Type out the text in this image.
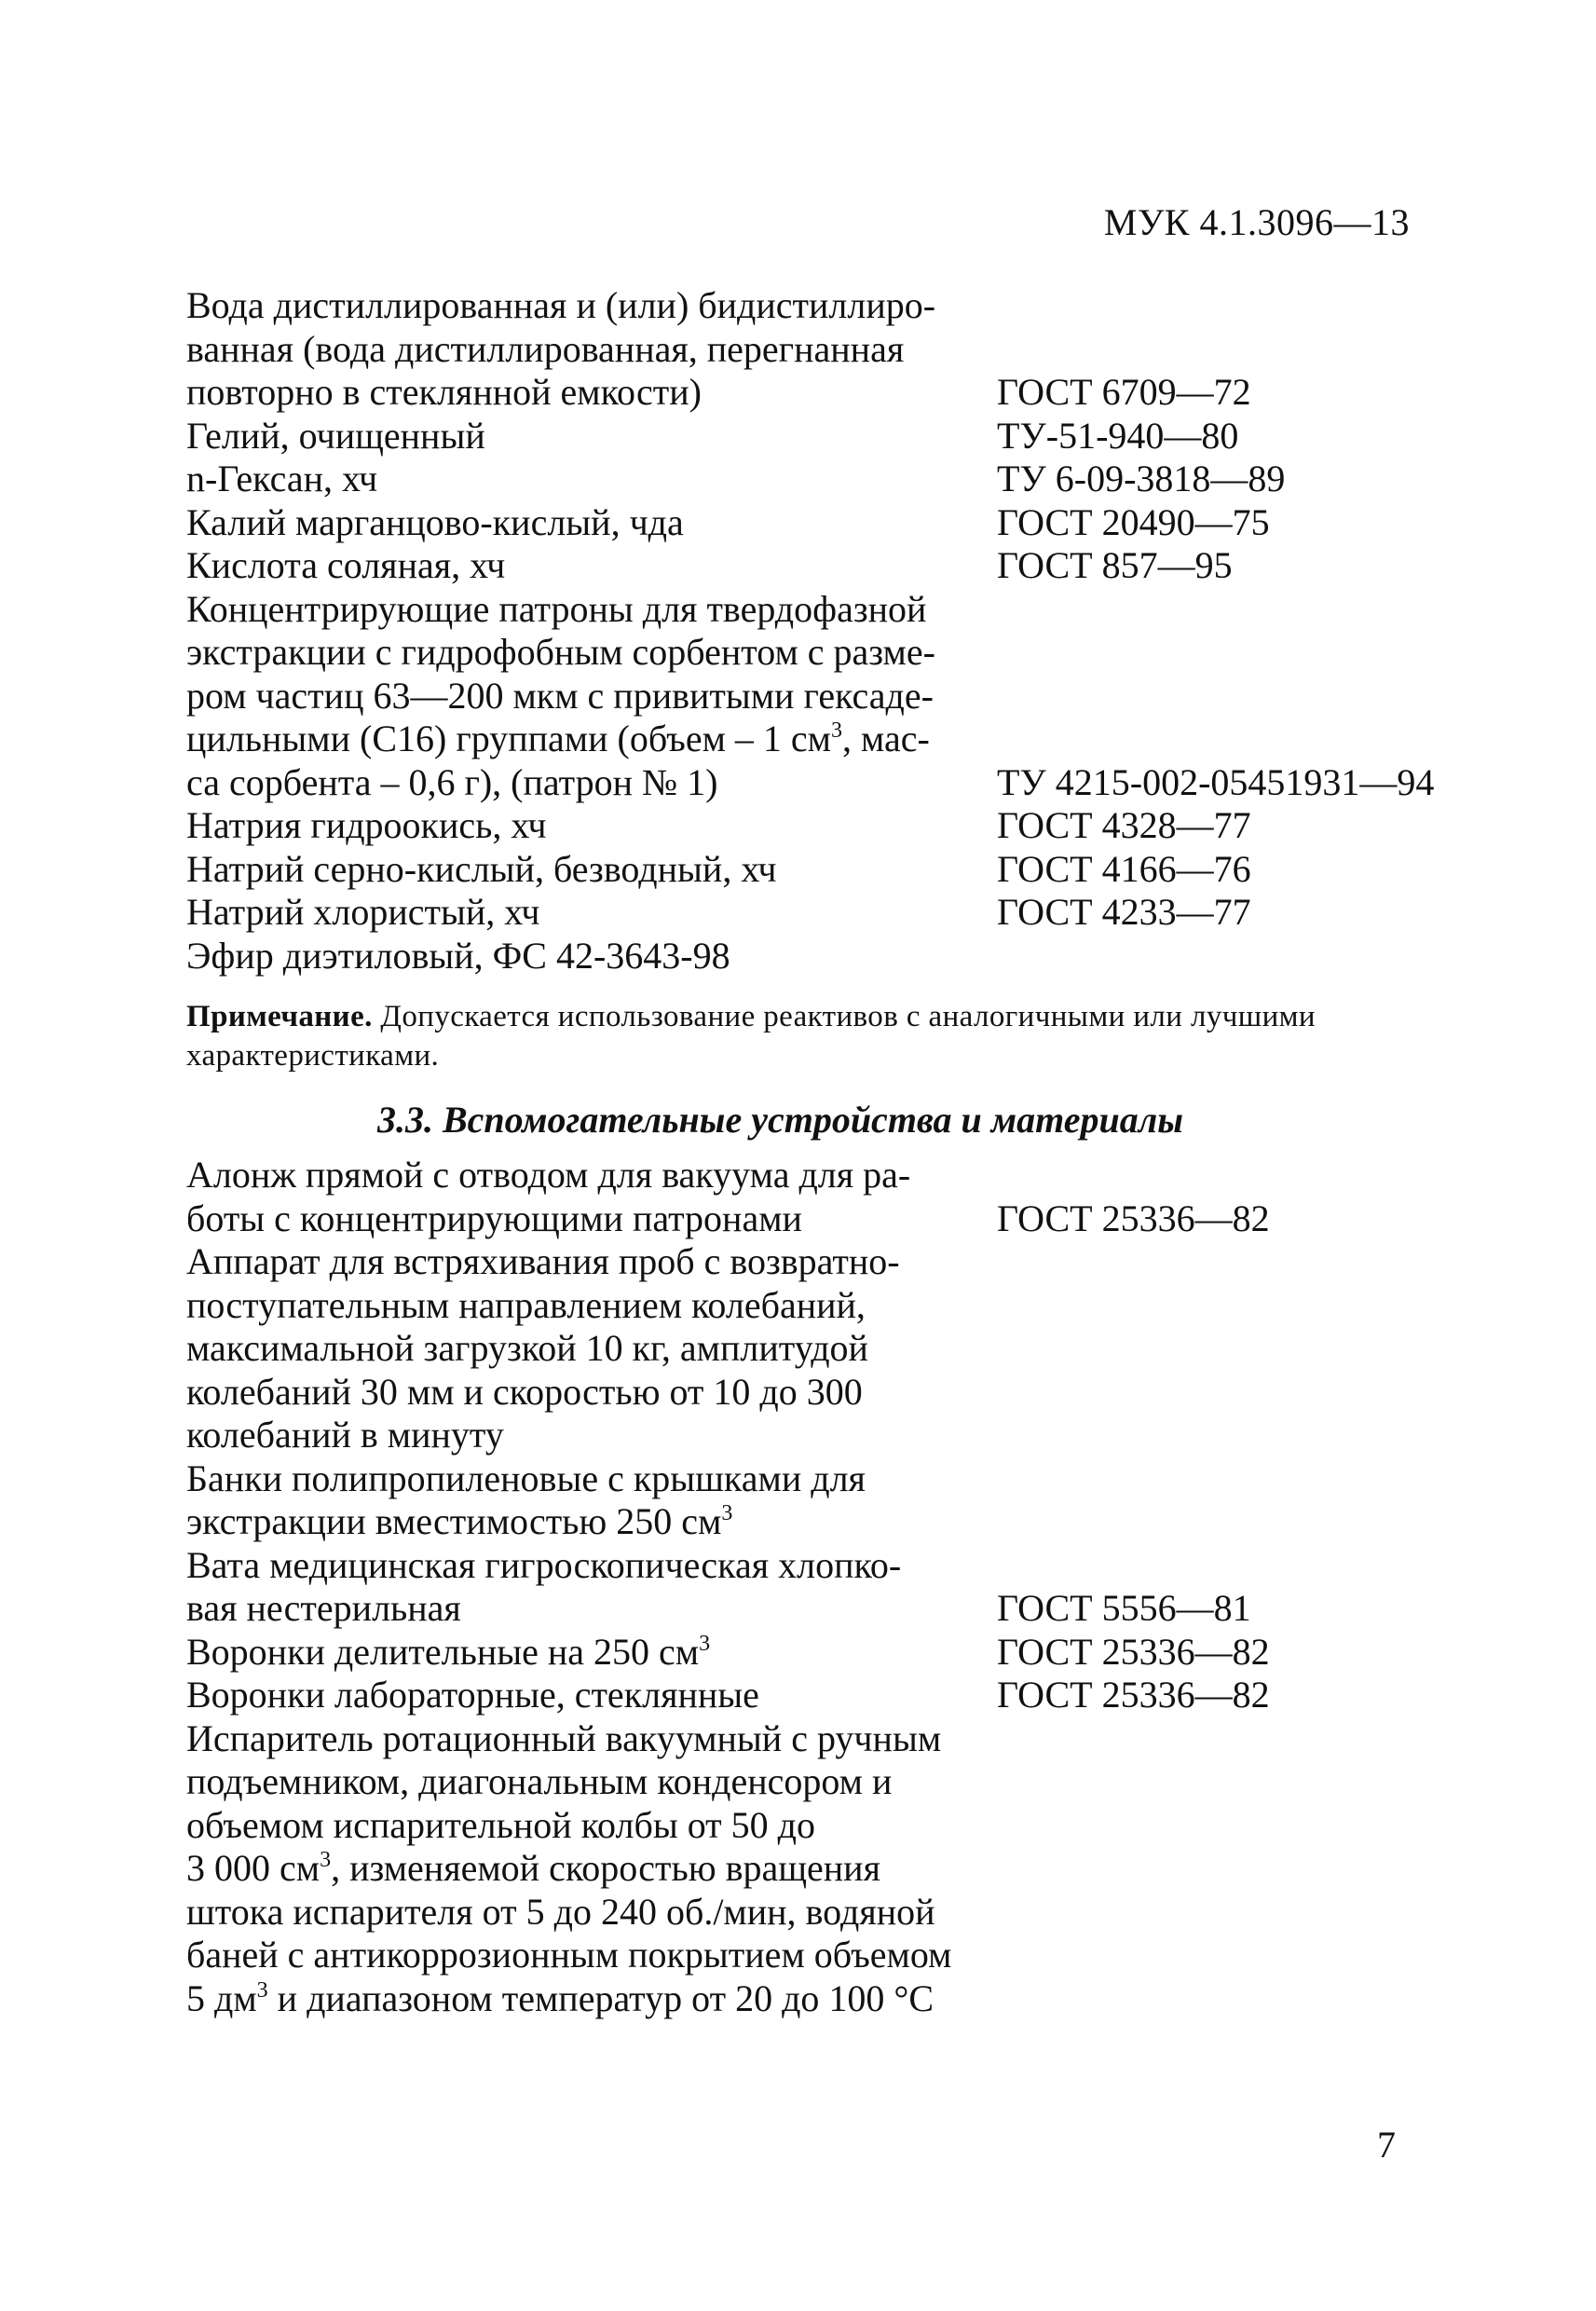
МУК 4.1.3096—13
Вода дистиллированная и (или) бидистиллиро-
ванная (вода дистиллированная, перегнанная
повторно в стеклянной емкости)	ГОСТ 6709—72
Гелий, очищенный	ТУ-51-940—80
n-Гексан, хч	ТУ 6-09-3818—89
Калий марганцово-кислый, чда	ГОСТ 20490—75
Кислота соляная, хч	ГОСТ 857—95
Концентрирующие патроны для твердофазной
экстракции с гидрофобным сорбентом с разме-
ром частиц 63—200 мкм с привитыми гексаде-
цильными (С16) группами (объем – 1 $см^3$, мас-
са сорбента – 0,6 г), (патрон № 1)	ТУ 4215-002-05451931—94
Натрия гидроокись, хч	ГОСТ 4328—77
Натрий серно-кислый, безводный, хч	ГОСТ 4166—76
Натрий хлористый, хч	ГОСТ 4233—77
Эфир диэтиловый, ФС 42-3643-98
Примечание. Допускается использование реактивов с аналогичными или лучшими характеристиками.
3.3. Вспомогательные устройства и материалы
Алонж прямой с отводом для вакуума для ра-
боты с концентрирующими патронами	ГОСТ 25336—82
Аппарат для встряхивания проб с возвратно-
поступательным направлением колебаний,
максимальной загрузкой 10 кг, амплитудой
колебаний 30 мм и скоростью от 10 до 300
колебаний в минуту
Банки полипропиленовые с крышками для
экстракции вместимостью 250 $см^3$
Вата медицинская гигроскопическая хлопко-
вая нестерильная	ГОСТ 5556—81
Воронки делительные на 250 $см^3$	ГОСТ 25336—82
Воронки лабораторные, стеклянные	ГОСТ 25336—82
Испаритель ротационный вакуумный с ручным
подъемником, диагональным конденсором и
объемом испарительной колбы от 50 до
3 000 $см^3$, изменяемой скоростью вращения
штока испарителя от 5 до 240 об./мин, водяной
баней с антикоррозионным покрытием объемом
5 $дм^3$ и диапазоном температур от 20 до 100 °С
7
